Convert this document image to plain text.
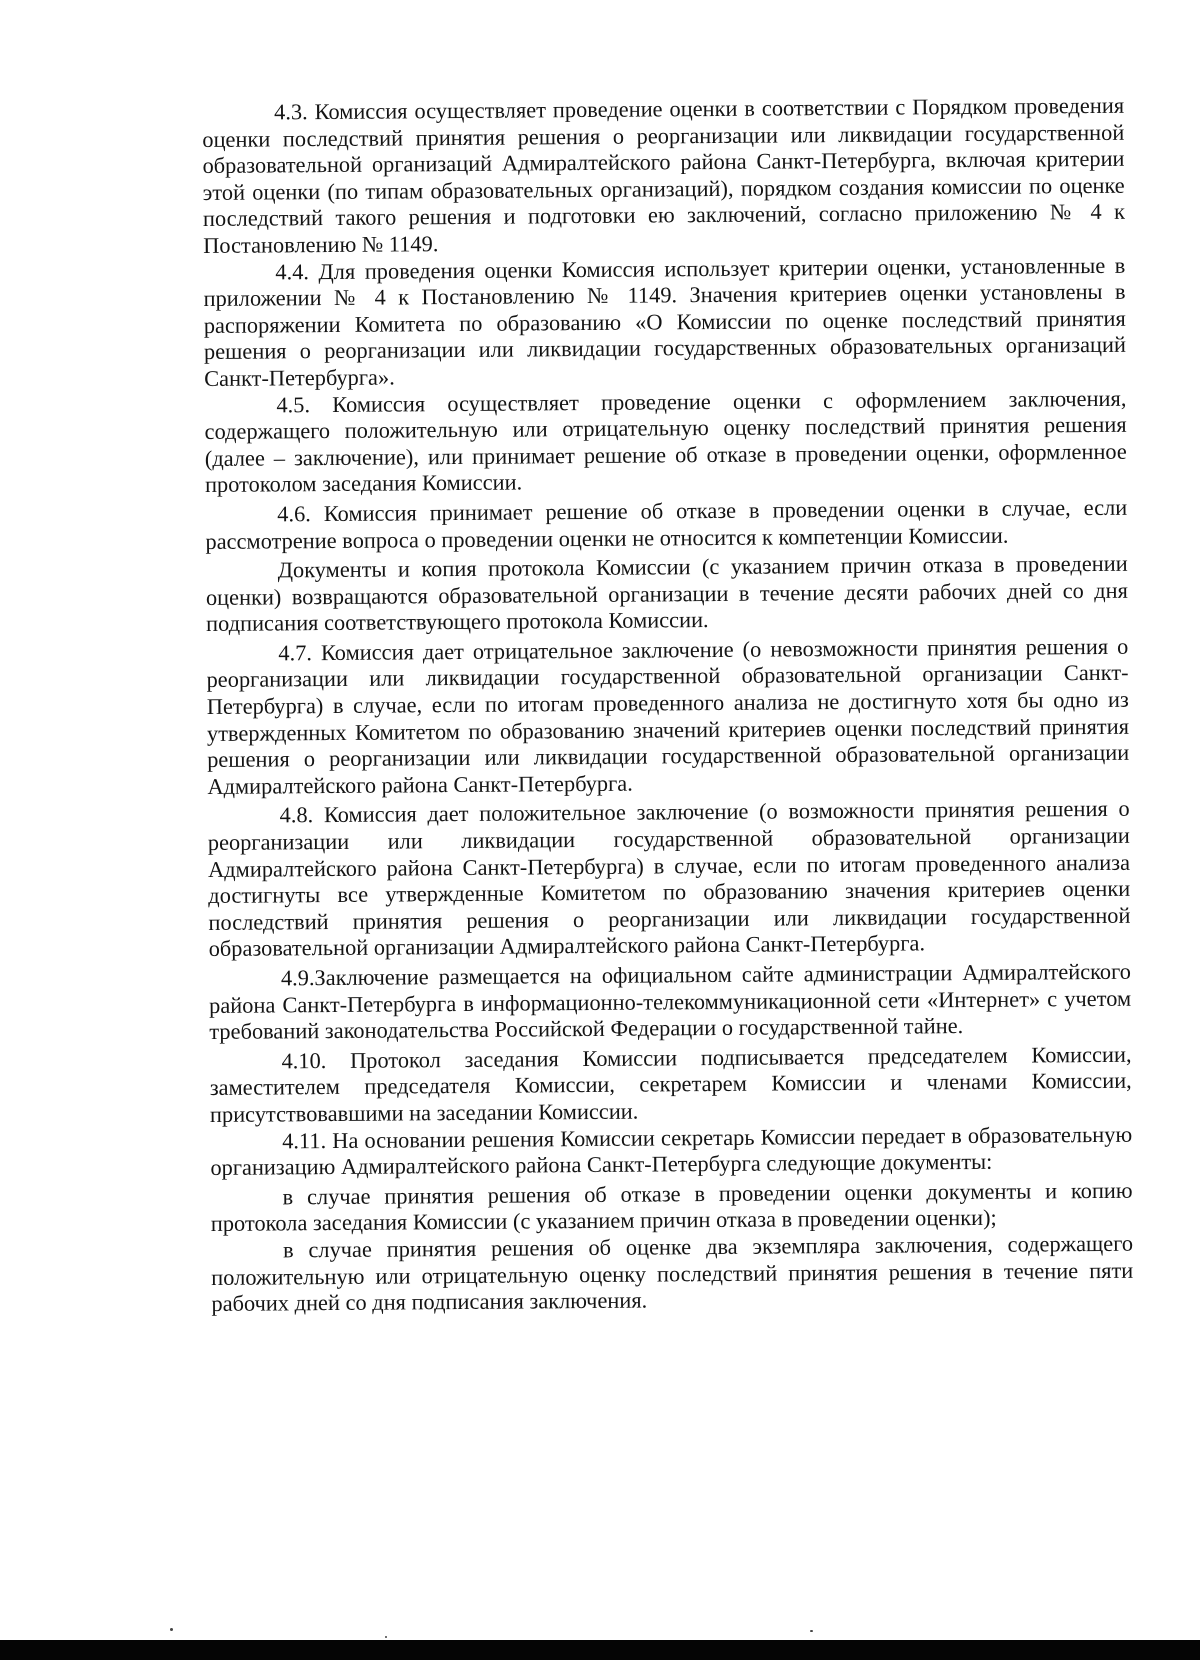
4.3. Комиссия осуществляет проведение оценки в соответствии с Порядком проведения оценки последствий принятия решения о реорганизации или ликвидации государственной образовательной организаций Адмиралтейского района Санкт-Петербурга, включая критерии этой оценки (по типам образовательных организаций), порядком создания комиссии по оценке последствий такого решения и подготовки ею заключений, согласно приложению № 4 к Постановлению № 1149.

4.4. Для проведения оценки Комиссия использует критерии оценки, установленные в приложении № 4 к Постановлению № 1149. Значения критериев оценки установлены в распоряжении Комитета по образованию «О Комиссии по оценке последствий принятия решения о реорганизации или ликвидации государственных образовательных организаций Санкт-Петербурга».

4.5. Комиссия осуществляет проведение оценки с оформлением заключения, содержащего положительную или отрицательную оценку последствий принятия решения (далее – заключение), или принимает решение об отказе в проведении оценки, оформленное протоколом заседания Комиссии.

4.6. Комиссия принимает решение об отказе в проведении оценки в случае, если рассмотрение вопроса о проведении оценки не относится к компетенции Комиссии.

Документы и копия протокола Комиссии (с указанием причин отказа в проведении оценки) возвращаются образовательной организации в течение десяти рабочих дней со дня подписания соответствующего протокола Комиссии.

4.7. Комиссия дает отрицательное заключение (о невозможности принятия решения о реорганизации или ликвидации государственной образовательной организации Санкт-Петербурга) в случае, если по итогам проведенного анализа не достигнуто хотя бы одно из утвержденных Комитетом по образованию значений критериев оценки последствий принятия решения о реорганизации или ликвидации государственной образовательной организации Адмиралтейского района Санкт-Петербурга.

4.8. Комиссия дает положительное заключение (о возможности принятия решения о реорганизации или ликвидации государственной образовательной организации Адмиралтейского района Санкт-Петербурга) в случае, если по итогам проведенного анализа достигнуты все утвержденные Комитетом по образованию значения критериев оценки последствий принятия решения о реорганизации или ликвидации государственной образовательной организации Адмиралтейского района Санкт-Петербурга.

4.9.Заключение размещается на официальном сайте администрации Адмиралтейского района Санкт-Петербурга в информационно-телекоммуникационной сети «Интернет» с учетом требований законодательства Российской Федерации о государственной тайне.

4.10. Протокол заседания Комиссии подписывается председателем Комиссии, заместителем председателя Комиссии, секретарем Комиссии и членами Комиссии, присутствовавшими на заседании Комиссии.

4.11. На основании решения Комиссии секретарь Комиссии передает в образовательную организацию Адмиралтейского района Санкт-Петербурга следующие документы:

в случае принятия решения об отказе в проведении оценки документы и копию протокола заседания Комиссии (с указанием причин отказа в проведении оценки);

в случае принятия решения об оценке два экземпляра заключения, содержащего положительную или отрицательную оценку последствий принятия решения в течение пяти рабочих дней со дня подписания заключения.
